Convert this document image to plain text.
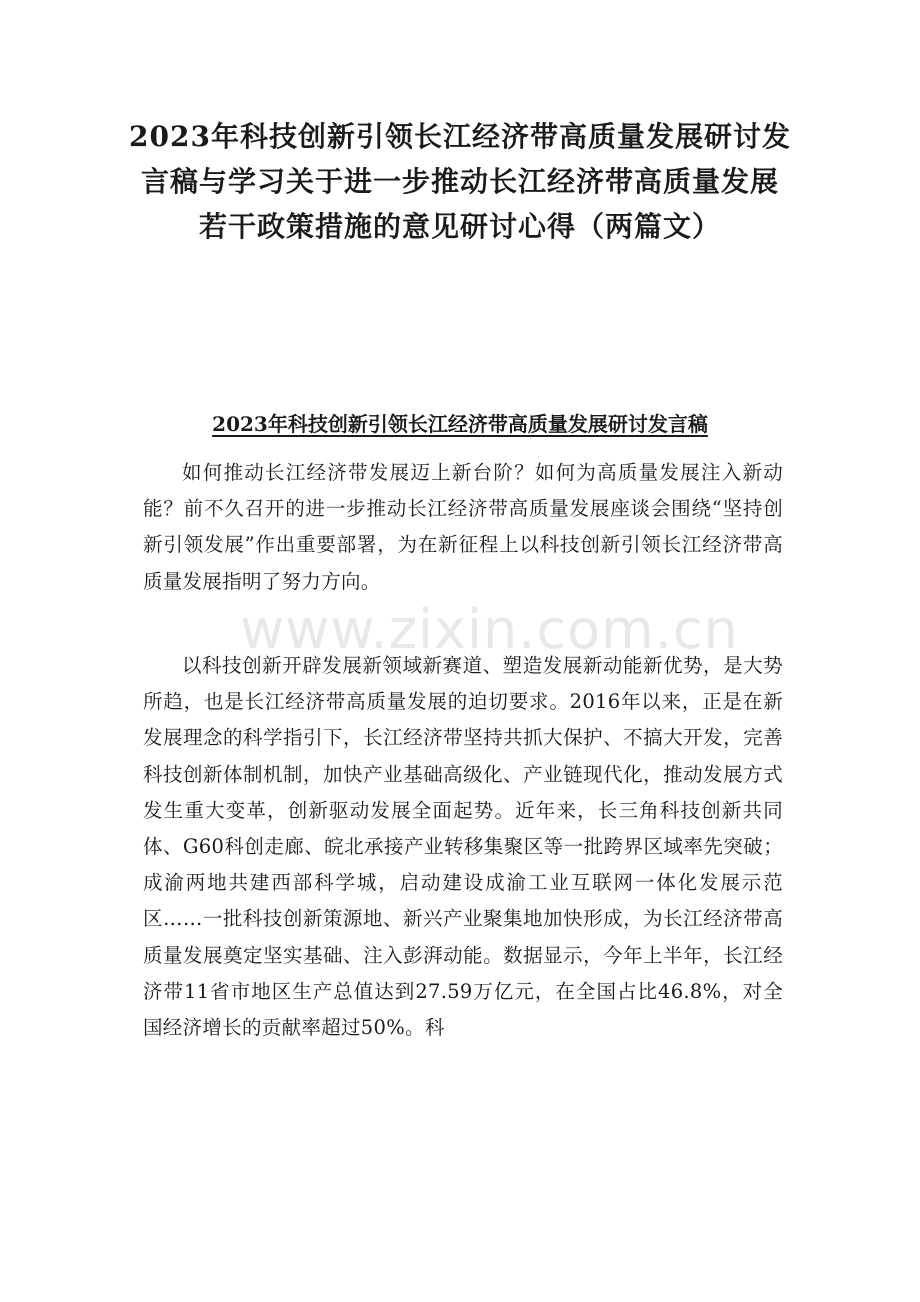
2023年科技创新引领长江经济带高质量发展研讨发
言稿与学习关于进一步推动长江经济带高质量发展
若干政策措施的意见研讨心得（两篇文）
2023年科技创新引领长江经济带高质量发展研讨发言稿

如何推动长江经济带发展迈上新台阶？如何为高质量发展注入新动能？前不久召开的进一步推动长江经济带高质量发展座谈会围绕“坚持创新引领发展”作出重要部署，为在新征程上以科技创新引领长江经济带高质量发展指明了努力方向。

以科技创新开辟发展新领域新赛道、塑造发展新动能新优势，是大势所趋，也是长江经济带高质量发展的迫切要求。2016年以来，正是在新发展理念的科学指引下，长江经济带坚持共抓大保护、不搞大开发，完善科技创新体制机制，加快产业基础高级化、产业链现代化，推动发展方式发生重大变革，创新驱动发展全面起势。近年来，长三角科技创新共同体、G60科创走廊、皖北承接产业转移集聚区等一批跨界区域率先突破；成渝两地共建西部科学城，启动建设成渝工业互联网一体化发展示范区……一批科技创新策源地、新兴产业聚集地加快形成，为长江经济带高质量发展奠定坚实基础、注入彭湃动能。数据显示，今年上半年，长江经济带11省市地区生产总值达到27.59万亿元，在全国占比46.8%，对全国经济增长的贡献率超过50%。科

www.zixin.com.cn
